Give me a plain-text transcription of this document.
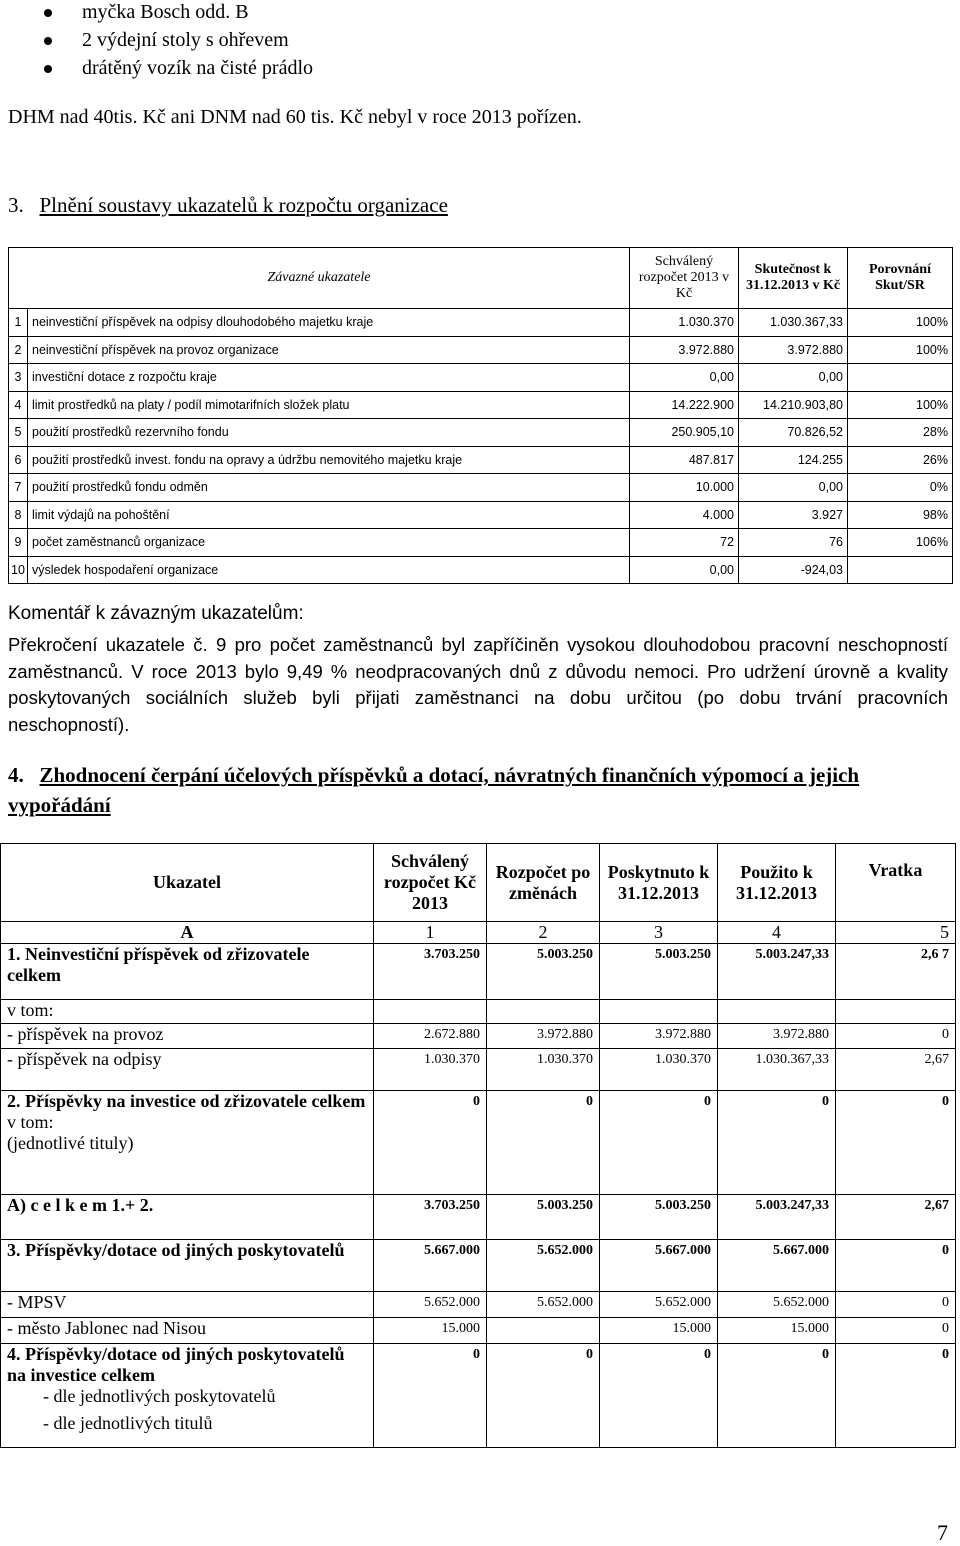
myčka Bosch odd. B
2 výdejní stoly s ohřevem
drátěný vozík na čisté prádlo
DHM nad 40tis. Kč ani DNM nad 60 tis. Kč nebyl v roce 2013 pořízen.
3. Plnění soustavy ukazatelů k rozpočtu organizace
Závazné ukazatele		Schválený rozpočet 2013 v Kč	Skutečnost k 31.12.2013 v Kč	Porovnání Skut/SR
1	neinvestiční příspěvek na odpisy dlouhodobého majetku kraje	1.030.370	1.030.367,33	100%
2	neinvestiční příspěvek na provoz organizace	3.972.880	3.972.880	100%
3	investiční dotace z rozpočtu kraje	0,00	0,00	
4	limit prostředků na platy / podíl mimotarifních složek platu	14.222.900	14.210.903,80	100%
5	použití prostředků rezervního fondu	250.905,10	70.826,52	28%
6	použití prostředků invest. fondu na opravy a údržbu nemovitého majetku kraje	487.817	124.255	26%
7	použití prostředků fondu odměn	10.000	0,00	0%
8	limit výdajů na pohoštění	4.000	3.927	98%
9	počet zaměstnanců organizace	72	76	106%
10	výsledek hospodaření organizace	0,00	-924,03	
Komentář k závazným ukazatelům:
Překročení ukazatele č. 9 pro počet zaměstnanců byl zapříčiněn vysokou dlouhodobou pracovní neschopností zaměstnanců. V roce 2013 bylo 9,49 % neodpracovaných dnů z důvodu nemoci. Pro udržení úrovně a kvality poskytovaných sociálních služeb byli přijati zaměstnanci na dobu určitou (po dobu trvání pracovních neschopností).
4. Zhodnocení čerpání účelových příspěvků a dotací, návratných finančních výpomocí a jejich vypořádání
Ukazatel	Schválený rozpočet Kč 2013	Rozpočet po změnách	Poskytnuto k 31.12.2013	Použito k 31.12.2013	Vratka
A	1	2	3	4	5
1. Neinvestiční příspěvek od zřizovatele celkem	3.703.250	5.003.250	5.003.250	5.003.247,33	2,6 7
v tom:					
- příspěvek na provoz	2.672.880	3.972.880	3.972.880	3.972.880	0
- příspěvek na odpisy	1.030.370	1.030.370	1.030.370	1.030.367,33	2,67

2. Příspěvky na investice od zřizovatele celkem
v tom:
(jednotlivé tituly)	0	0	0	0	0
A) c e l k e m 1.+ 2.	3.703.250	5.003.250	5.003.250	5.003.247,33	2,67
3. Příspěvky/dotace od jiných poskytovatelů	5.667.000	5.652.000	5.667.000	5.667.000	0
- MPSV	5.652.000	5.652.000	5.652.000	5.652.000	0
- město Jablonec nad Nisou	15.000		15.000	15.000	0

4. Příspěvky/dotace od jiných poskytovatelů na investice celkem
- dle jednotlivých poskytovatelů
- dle jednotlivých titulů	0	0	0	0	0
7
